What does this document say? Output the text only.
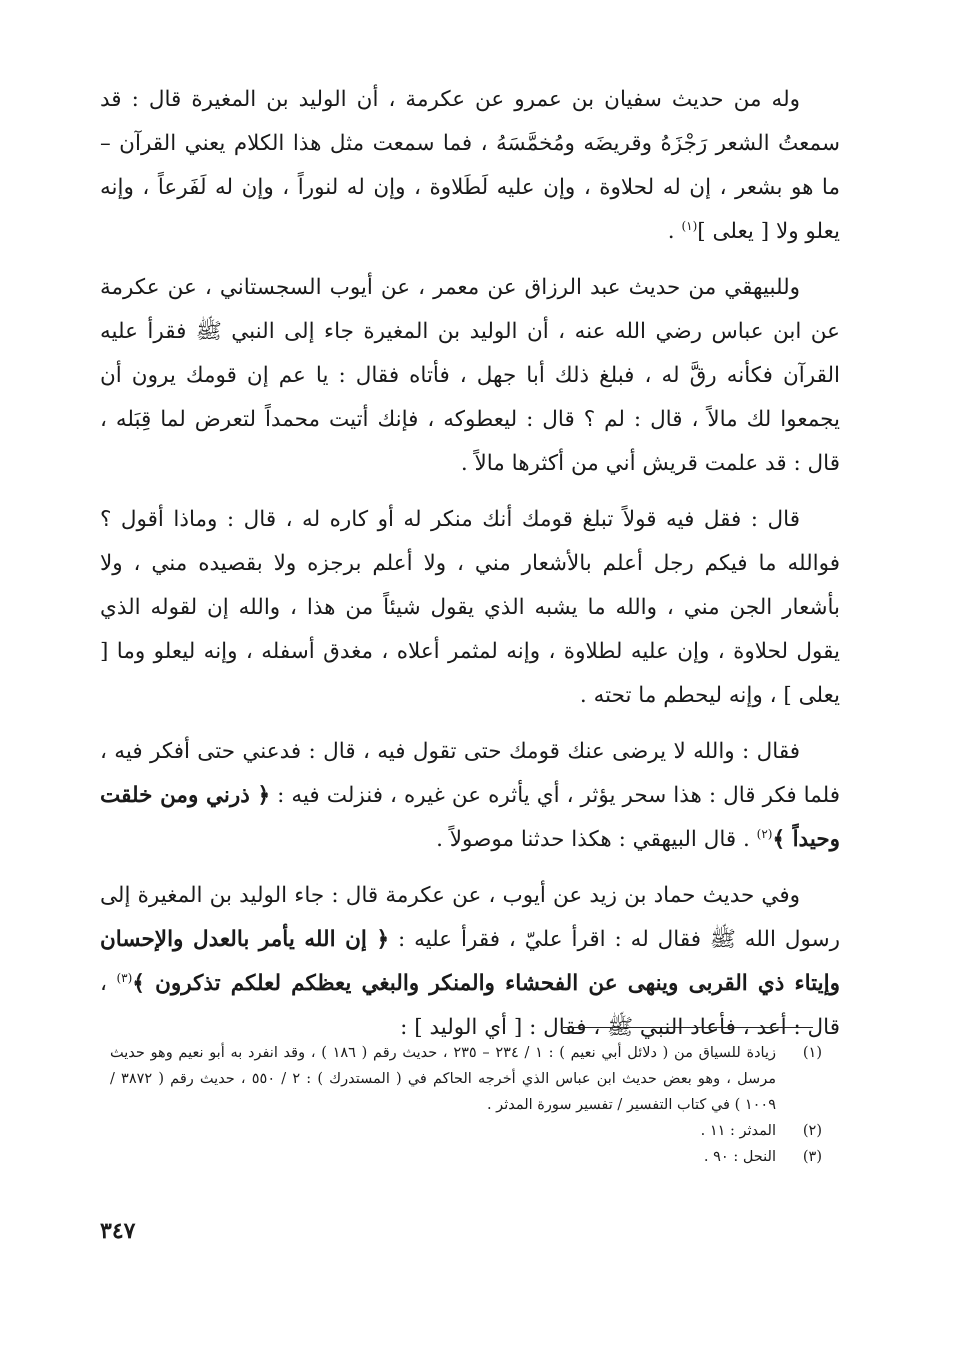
وله من حديث سفيان بن عمرو عن عكرمة ، أن الوليد بن المغيرة قال : قد سمعتُ الشعر رَجْزَهُ وقريضَه ومُخمَّسَهُ ، فما سمعت مثل هذا الكلام يعني القرآن – ما هو بشعر ، إن له لحلاوة ، وإن عليه لَطَلاوة ، وإن له لنوراً ، وإن له لَفَرعاً ، وإنه يعلو ولا [ يعلى ]$^{(١)}$ .

وللبيهقي من حديث عبد الرزاق عن معمر ، عن أيوب السجستاني ، عن عكرمة عن ابن عباس رضي الله عنه ، أن الوليد بن المغيرة جاء إلى النبي ﷺ فقرأ عليه القرآن فكأنه رقَّ له ، فبلغ ذلك أبا جهل ، فأتاه فقال : يا عم إن قومك يرون أن يجمعوا لك مالاً ، قال : لم ؟ قال : ليعطوكه ، فإنك أتيت محمداً لتعرض لما قِبَله ، قال : قد علمت قريش أني من أكثرها مالاً .

قال : فقل فيه قولاً تبلغ قومك أنك منكر له أو كاره له ، قال : وماذا أقول ؟ فوالله ما فيكم رجل أعلم بالأشعار مني ، ولا أعلم برجزه ولا بقصيده مني ، ولا بأشعار الجن مني ، والله ما يشبه الذي يقول شيئاً من هذا ، والله إن لقوله الذي يقول لحلاوة ، وإن عليه لطلاوة ، وإنه لمثمر أعلاه ، مغدق أسفله ، وإنه ليعلو وما [ يعلى ] ، وإنه ليحطم ما تحته .

فقال : والله لا يرضى عنك قومك حتى تقول فيه ، قال : فدعني حتى أفكر فيه ، فلما فكر قال : هذا سحر يؤثر ، أي يأثره عن غيره ، فنزلت فيه : ﴿ ذرني ومن خلقت وحيداً ﴾$^{(٢)}$ . قال البيهقي : هكذا حدثنا موصولاً .

وفي حديث حماد بن زيد عن أيوب ، عن عكرمة قال : جاء الوليد بن المغيرة إلى رسول الله ﷺ فقال له : اقرأ عليّ ، فقرأ عليه : ﴿ إن الله يأمر بالعدل والإحسان وإيتاء ذي القربى وينهى عن الفحشاء والمنكر والبغي يعظكم لعلكم تذكرون ﴾$^{(٣)}$ ، قال : أعد ، فأعاد النبي ﷺ ، فقال : [ أي الوليد ] :

(١)
زيادة للسياق من ( دلائل أبي نعيم ) : ١ / ٢٣٤ – ٢٣٥ ، حديث رقم ( ١٨٦ ) ، وقد انفرد به أبو نعيم وهو حديث مرسل ، وهو بعض حديث ابن عباس الذي أخرجه الحاكم في ( المستدرك ) : ٢ / ٥٥٠ ، حديث رقم ( ٣٨٧٢ / ١٠٠٩ ) في كتاب التفسير / تفسير سورة المدثر .
(٢)
المدثر : ١١ .
(٣)
النحل : ٩٠ .
٣٤٧
